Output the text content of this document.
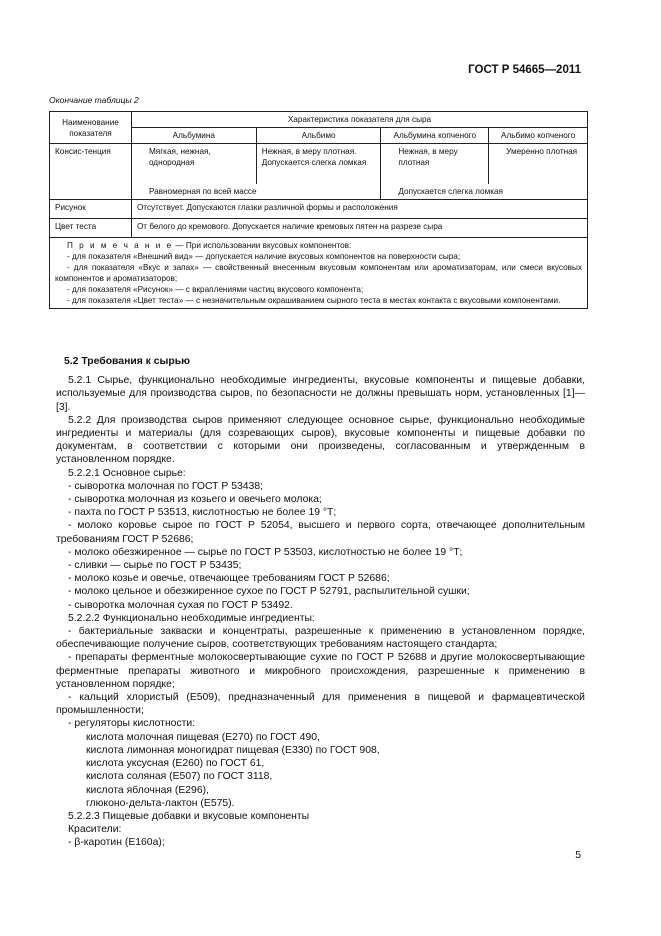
ГОСТ Р 54665—2011
Окончание таблицы 2
Наименование показателя	Характеристика показателя для сыра			
	Альбумина	Альбимо	Альбумина копченого	Альбимо копченого
Консис-тенция	Мягкая, нежная, однородная	Нежная, в меру плотная. Допускается слегка ломкая	Нежная, в меру плотная	Умеренно плотная
	Равномерная по всей массе		Допускается слегка ломкая	
Рисунок	Отсутствует. Допускаются глазки различной формы и расположения			
Цвет теста	От белого до кремового. Допускается наличие кремовых пятен на разрезе сыра			

П р и м е ч а н и е — При использовании вкусовых компонентов:
- для показателя «Внешний вид» — допускается наличие вкусовых компонентов на поверхности сыра;
- для показателя «Вкус и запах» — свойственный внесенным вкусовым компонентам или ароматизаторам, или смеси вкусовых компонентов и ароматизаторов;
- для показателя «Рисунок» — с вкраплениями частиц вкусового компонента;
- для показателя «Цвет теста» — с незначительным окрашиванием сырного теста в местах контакта с вкусовыми компонентами.				

5.2 Требования к сырью

5.2.1 Сырье, функционально необходимые ингредиенты, вкусовые компоненты и пищевые добавки, используемые для производства сыров, по безопасности не должны превышать норм, установленных [1]—[3].

5.2.2 Для производства сыров применяют следующее основное сырье, функционально необходимые ингредиенты и материалы (для созревающих сыров), вкусовые компоненты и пищевые добавки по документам, в соответствии с которыми они произведены, согласованным и утвержденным в установленном порядке.

5.2.2.1 Основное сырье:

- сыворотка молочная по ГОСТ Р 53438;

- сыворотка молочная из козьего и овечьего молока;

- пахта по ГОСТ Р 53513, кислотностью не более 19 °Т;

- молоко коровье сырое по ГОСТ Р 52054, высшего и первого сорта, отвечающее дополнительным требованиям ГОСТ Р 52686;

- молоко обезжиренное — сырье по ГОСТ Р 53503, кислотностью не более 19 °Т;

- сливки — сырье по ГОСТ Р 53435;

- молоко козье и овечье, отвечающее требованиям ГОСТ Р 52686;

- молоко цельное и обезжиренное сухое по ГОСТ Р 52791, распылительной сушки;

- сыворотка молочная сухая по ГОСТ Р 53492.

5.2.2.2 Функционально необходимые ингредиенты:

- бактериальные закваски и концентраты, разрешенные к применению в установленном порядке, обеспечивающие получение сыров, соответствующих требованиям настоящего стандарта;

- препараты ферментные молокосвертывающие сухие по ГОСТ Р 52688 и другие молокосвертывающие ферментные препараты животного и микробного происхождения, разрешенные к применению в установленном порядке;

- кальций хлористый (Е509), предназначенный для применения в пищевой и фармацевтической промышленности;

- регуляторы кислотности:

кислота молочная пищевая (Е270) по ГОСТ 490,

кислота лимонная моногидрат пищевая (Е330) по ГОСТ 908,

кислота уксусная (Е260) по ГОСТ 61,

кислота соляная (Е507) по ГОСТ 3118,

кислота яблочная (Е296),

глюконо-дельта-лактон (Е575).

5.2.2.3 Пищевые добавки и вкусовые компоненты

Красители:

- β-каротин (Е160а);

5
